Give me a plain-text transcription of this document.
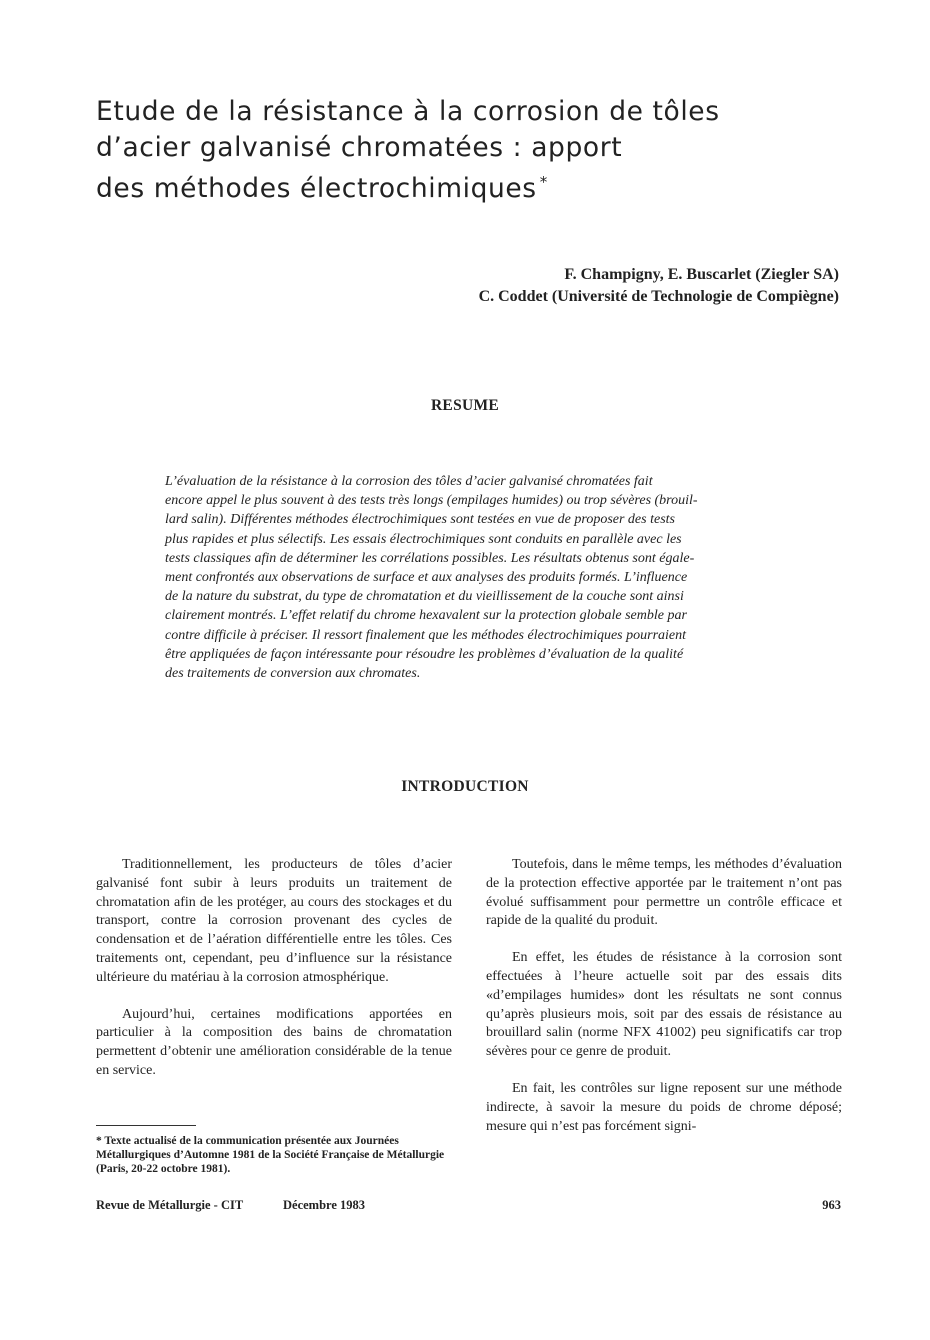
Etude de la résistance à la corrosion de tôles
d’acier galvanisé chromatées : apport
des méthodes électrochimiques *
F. Champigny, E. Buscarlet (Ziegler SA)
C. Coddet (Université de Technologie de Compiègne)
RESUME
L’évaluation de la résistance à la corrosion des tôles d’acier galvanisé chromatées fait
encore appel le plus souvent à des tests très longs (empilages humides) ou trop sévères (brouil-
lard salin). Différentes méthodes électrochimiques sont testées en vue de proposer des tests
plus rapides et plus sélectifs. Les essais électrochimiques sont conduits en parallèle avec les
tests classiques afin de déterminer les corrélations possibles. Les résultats obtenus sont égale-
ment confrontés aux observations de surface et aux analyses des produits formés. L’influence
de la nature du substrat, du type de chromatation et du vieillissement de la couche sont ainsi
clairement montrés. L’effet relatif du chrome hexavalent sur la protection globale semble par
contre difficile à préciser. Il ressort finalement que les méthodes électrochimiques pourraient
être appliquées de façon intéressante pour résoudre les problèmes d’évaluation de la qualité
des traitements de conversion aux chromates.
INTRODUCTION

Traditionnellement, les producteurs de tôles d’acier galvanisé font subir à leurs produits un traitement de chromatation afin de les protéger, au cours des stockages et du transport, contre la corrosion provenant des cycles de condensation et de l’aération différentielle entre les tôles. Ces traitements ont, cependant, peu d’influence sur la résistance ultérieure du matériau à la corrosion atmosphérique.

Aujourd’hui, certaines modifications apportées en particulier à la composition des bains de chromatation permettent d’obtenir une amélioration considérable de la tenue en service.

Toutefois, dans le même temps, les méthodes d’évaluation de la protection effective apportée par le traitement n’ont pas évolué suffisamment pour permettre un contrôle efficace et rapide de la qualité du produit.

En effet, les études de résistance à la corrosion sont effectuées à l’heure actuelle soit par des essais dits «d’empilages humides» dont les résultats ne sont connus qu’après plusieurs mois, soit par des essais de résistance au brouillard salin (norme NFX 41002) peu significatifs car trop sévères pour ce genre de produit.

En fait, les contrôles sur ligne reposent sur une méthode indirecte, à savoir la mesure du poids de chrome déposé; mesure qui n’est pas forcément signi-

* Texte actualisé de la communication présentée aux Journées Métallurgiques d’Automne 1981 de la Société Française de Métallurgie (Paris, 20-22 octobre 1981).
Revue de Métallurgie - CIT	Décembre 1983	963
